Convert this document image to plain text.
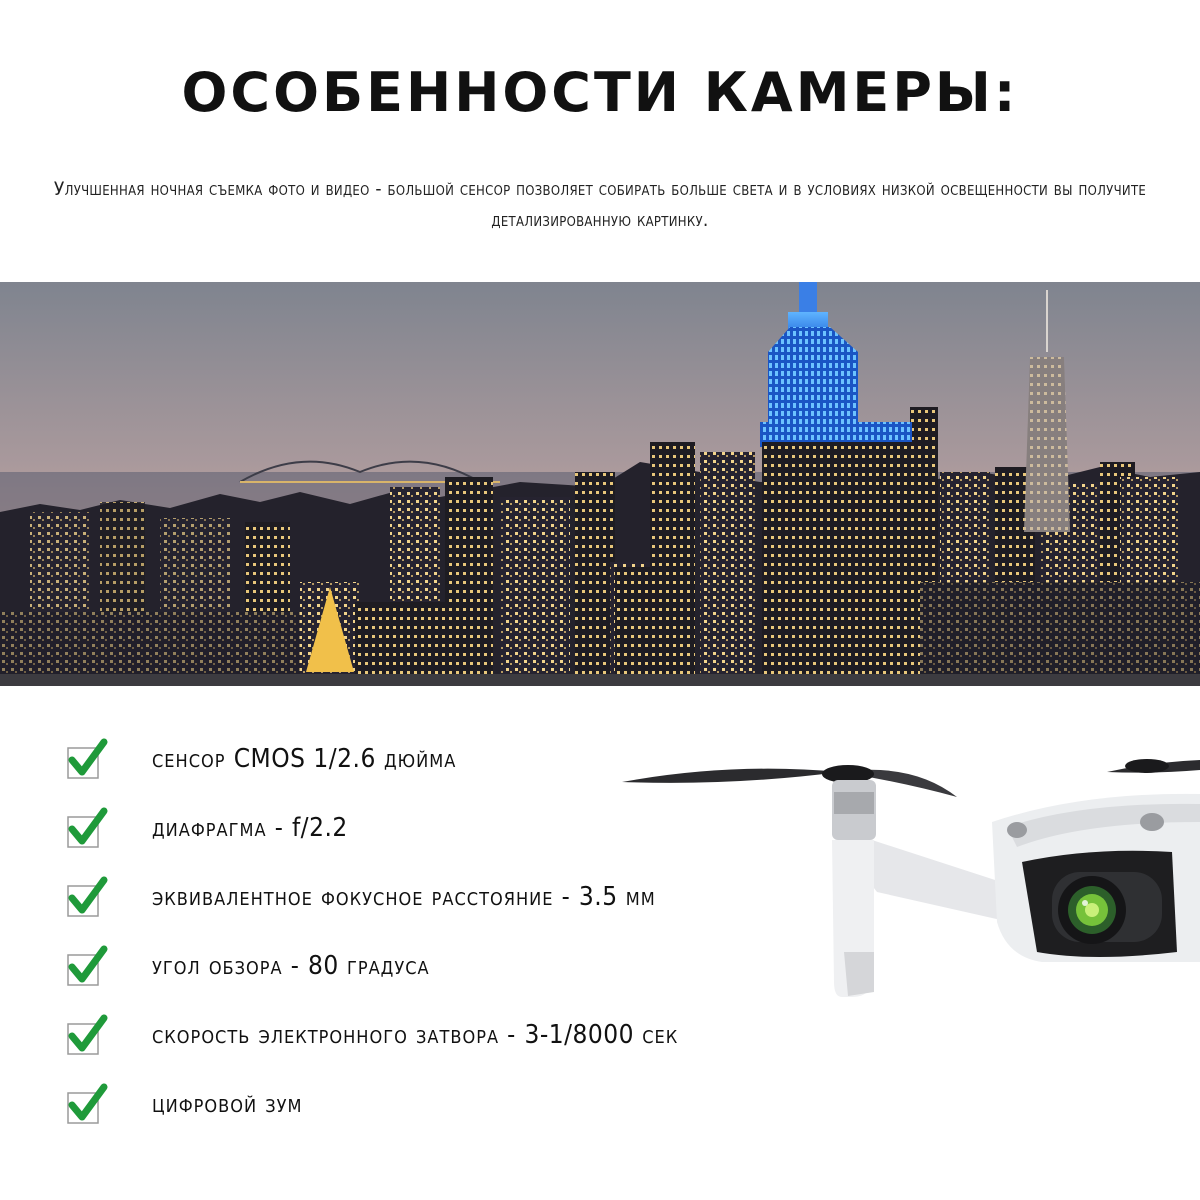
ОСОБЕННОСТИ КАМЕРЫ:
Улучшенная ночная съемка фото и видео - большой сенсор позволяет собирать больше света и в условиях низкой освещенности вы получите детализированную картинку.
сенсор CMOS 1/2.6 дюйма
диафрагма - f/2.2
эквивалентное фокусное расстояние - 3.5 мм
угол обзора - 80 градуса
скорость электронного затвора - 3-1/8000 сек
цифровой зум
